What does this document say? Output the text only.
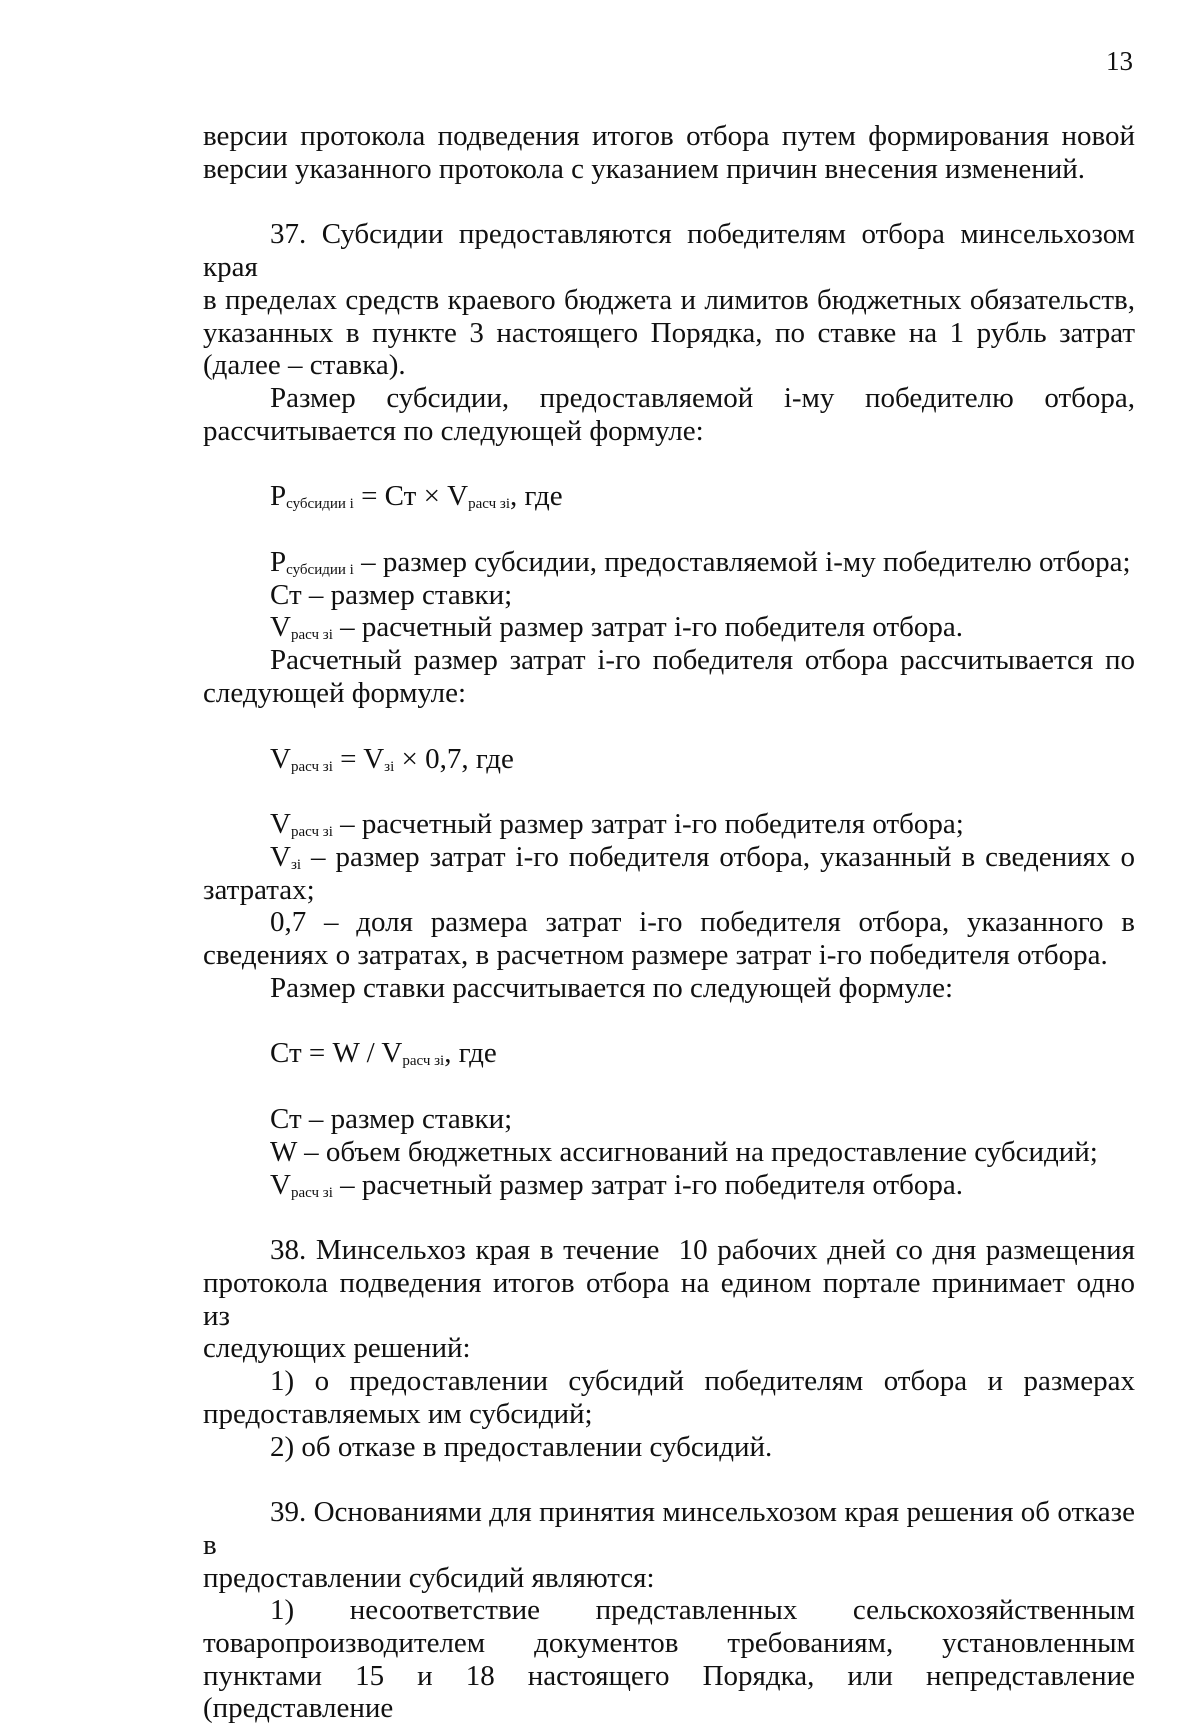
13

версии протокола подведения итогов отбора путем формирования новой

версии указанного протокола с указанием причин внесения изменений.

37. Субсидии предоставляются победителям отбора минсельхозом края

в пределах средств краевого бюджета и лимитов бюджетных обязательств,

указанных в пункте 3 настоящего Порядка, по ставке на 1 рубль затрат

(далее – ставка).

Размер субсидии, предоставляемой i-му победителю отбора,

рассчитывается по следующей формуле:

$P_{субсидии i}$ = Ст × $V_{расч зi}$, где

$P_{субсидии i}$ – размер субсидии, предоставляемой i-му победителю отбора;

Ст – размер ставки;

$V_{расч зi}$ – расчетный размер затрат i-го победителя отбора.

Расчетный размер затрат i-го победителя отбора рассчитывается по

следующей формуле:

$V_{расч зi} = V_{зi} \times 0,7$, где

$V_{расч зi}$ – расчетный размер затрат i-го победителя отбора;

$V_{зi}$ – размер затрат i-го победителя отбора, указанный в сведениях о

затратах;

0,7 – доля размера затрат i-го победителя отбора, указанного в

сведениях о затратах, в расчетном размере затрат i-го победителя отбора.

Размер ставки рассчитывается по следующей формуле:

Ст = W / $V_{расч зi}$, где

Ст – размер ставки;

W – объем бюджетных ассигнований на предоставление субсидий;

$V_{расч зi}$ – расчетный размер затрат i-го победителя отбора.

38. Минсельхоз края в течение  10 рабочих дней со дня размещения

протокола подведения итогов отбора на едином портале принимает одно из

следующих решений:

1) о предоставлении субсидий победителям отбора и размерах

предоставляемых им субсидий;

2) об отказе в предоставлении субсидий.

39. Основаниями для принятия минсельхозом края решения об отказе в

предоставлении субсидий являются:

1) несоответствие представленных сельскохозяйственным

товаропроизводителем документов требованиям, установленным

пунктами 15 и 18 настоящего Порядка, или непредставление (представление
